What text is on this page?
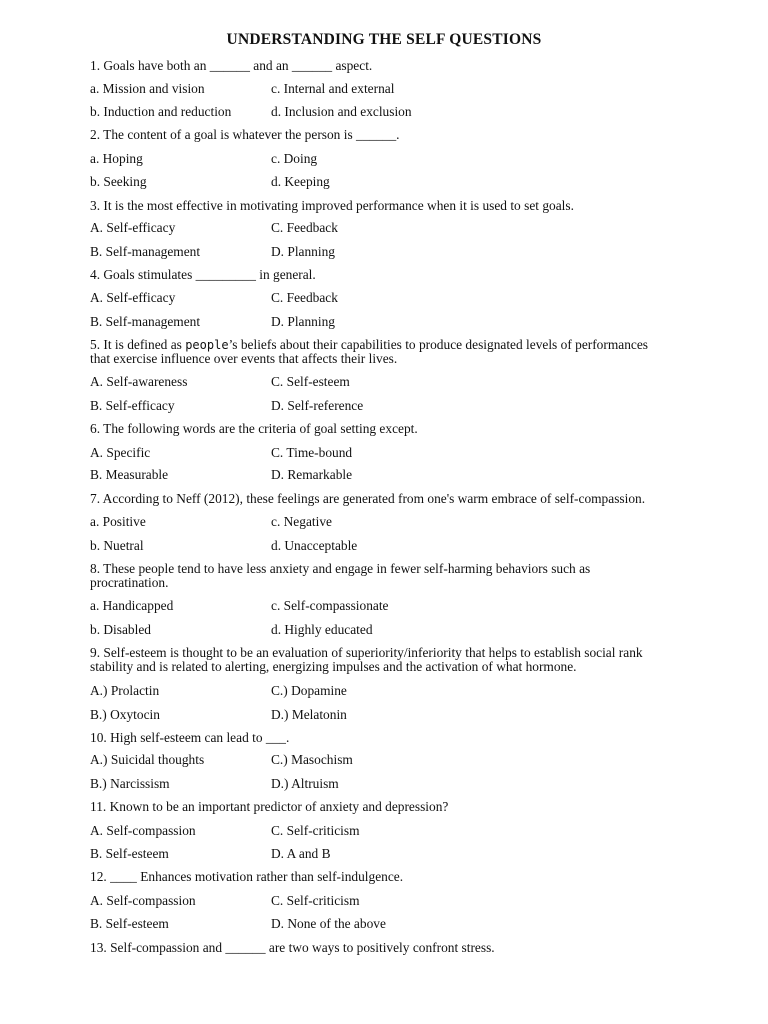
UNDERSTANDING THE SELF QUESTIONS
1. Goals have both an ______ and an ______ aspect.
a. Mission and vision	c. Internal and external
b. Induction and reduction	d. Inclusion and exclusion
2. The content of a goal is whatever the person is ______.
a. Hoping	c. Doing
b. Seeking	d. Keeping
3. It is the most effective in motivating improved performance when it is used to set goals.
A. Self-efficacy	C. Feedback
B. Self-management	D. Planning
4. Goals stimulates _________ in general.
A. Self-efficacy	C. Feedback
B. Self-management	D. Planning
5. It is defined as people’s beliefs about their capabilities to produce designated levels of performances that exercise influence over events that affects their lives.
A. Self-awareness	C. Self-esteem
B. Self-efficacy	D. Self-reference
6. The following words are the criteria of goal setting except.
A. Specific	C. Time-bound
B. Measurable	D. Remarkable
7. According to Neff (2012), these feelings are generated from one's warm embrace of self-compassion.
a. Positive	c. Negative
b. Nuetral	d. Unacceptable
8. These people tend to have less anxiety and engage in fewer self-harming behaviors such as procratination.
a. Handicapped	c. Self-compassionate
b. Disabled	d. Highly educated
9. Self-esteem is thought to be an evaluation of superiority/inferiority that helps to establish social rank stability and is related to alerting, energizing impulses and the activation of what hormone.
A.) Prolactin	C.) Dopamine
B.) Oxytocin	D.) Melatonin
10. High self-esteem can lead to ___.
A.) Suicidal thoughts	C.) Masochism
B.) Narcissism	D.) Altruism
11. Known to be an important predictor of anxiety and depression?
A. Self-compassion	C. Self-criticism
B. Self-esteem	D. A and B
12. ____ Enhances motivation rather than self-indulgence.
A. Self-compassion	C. Self-criticism
B. Self-esteem	D. None of the above
13. Self-compassion and ______ are two ways to positively confront stress.
